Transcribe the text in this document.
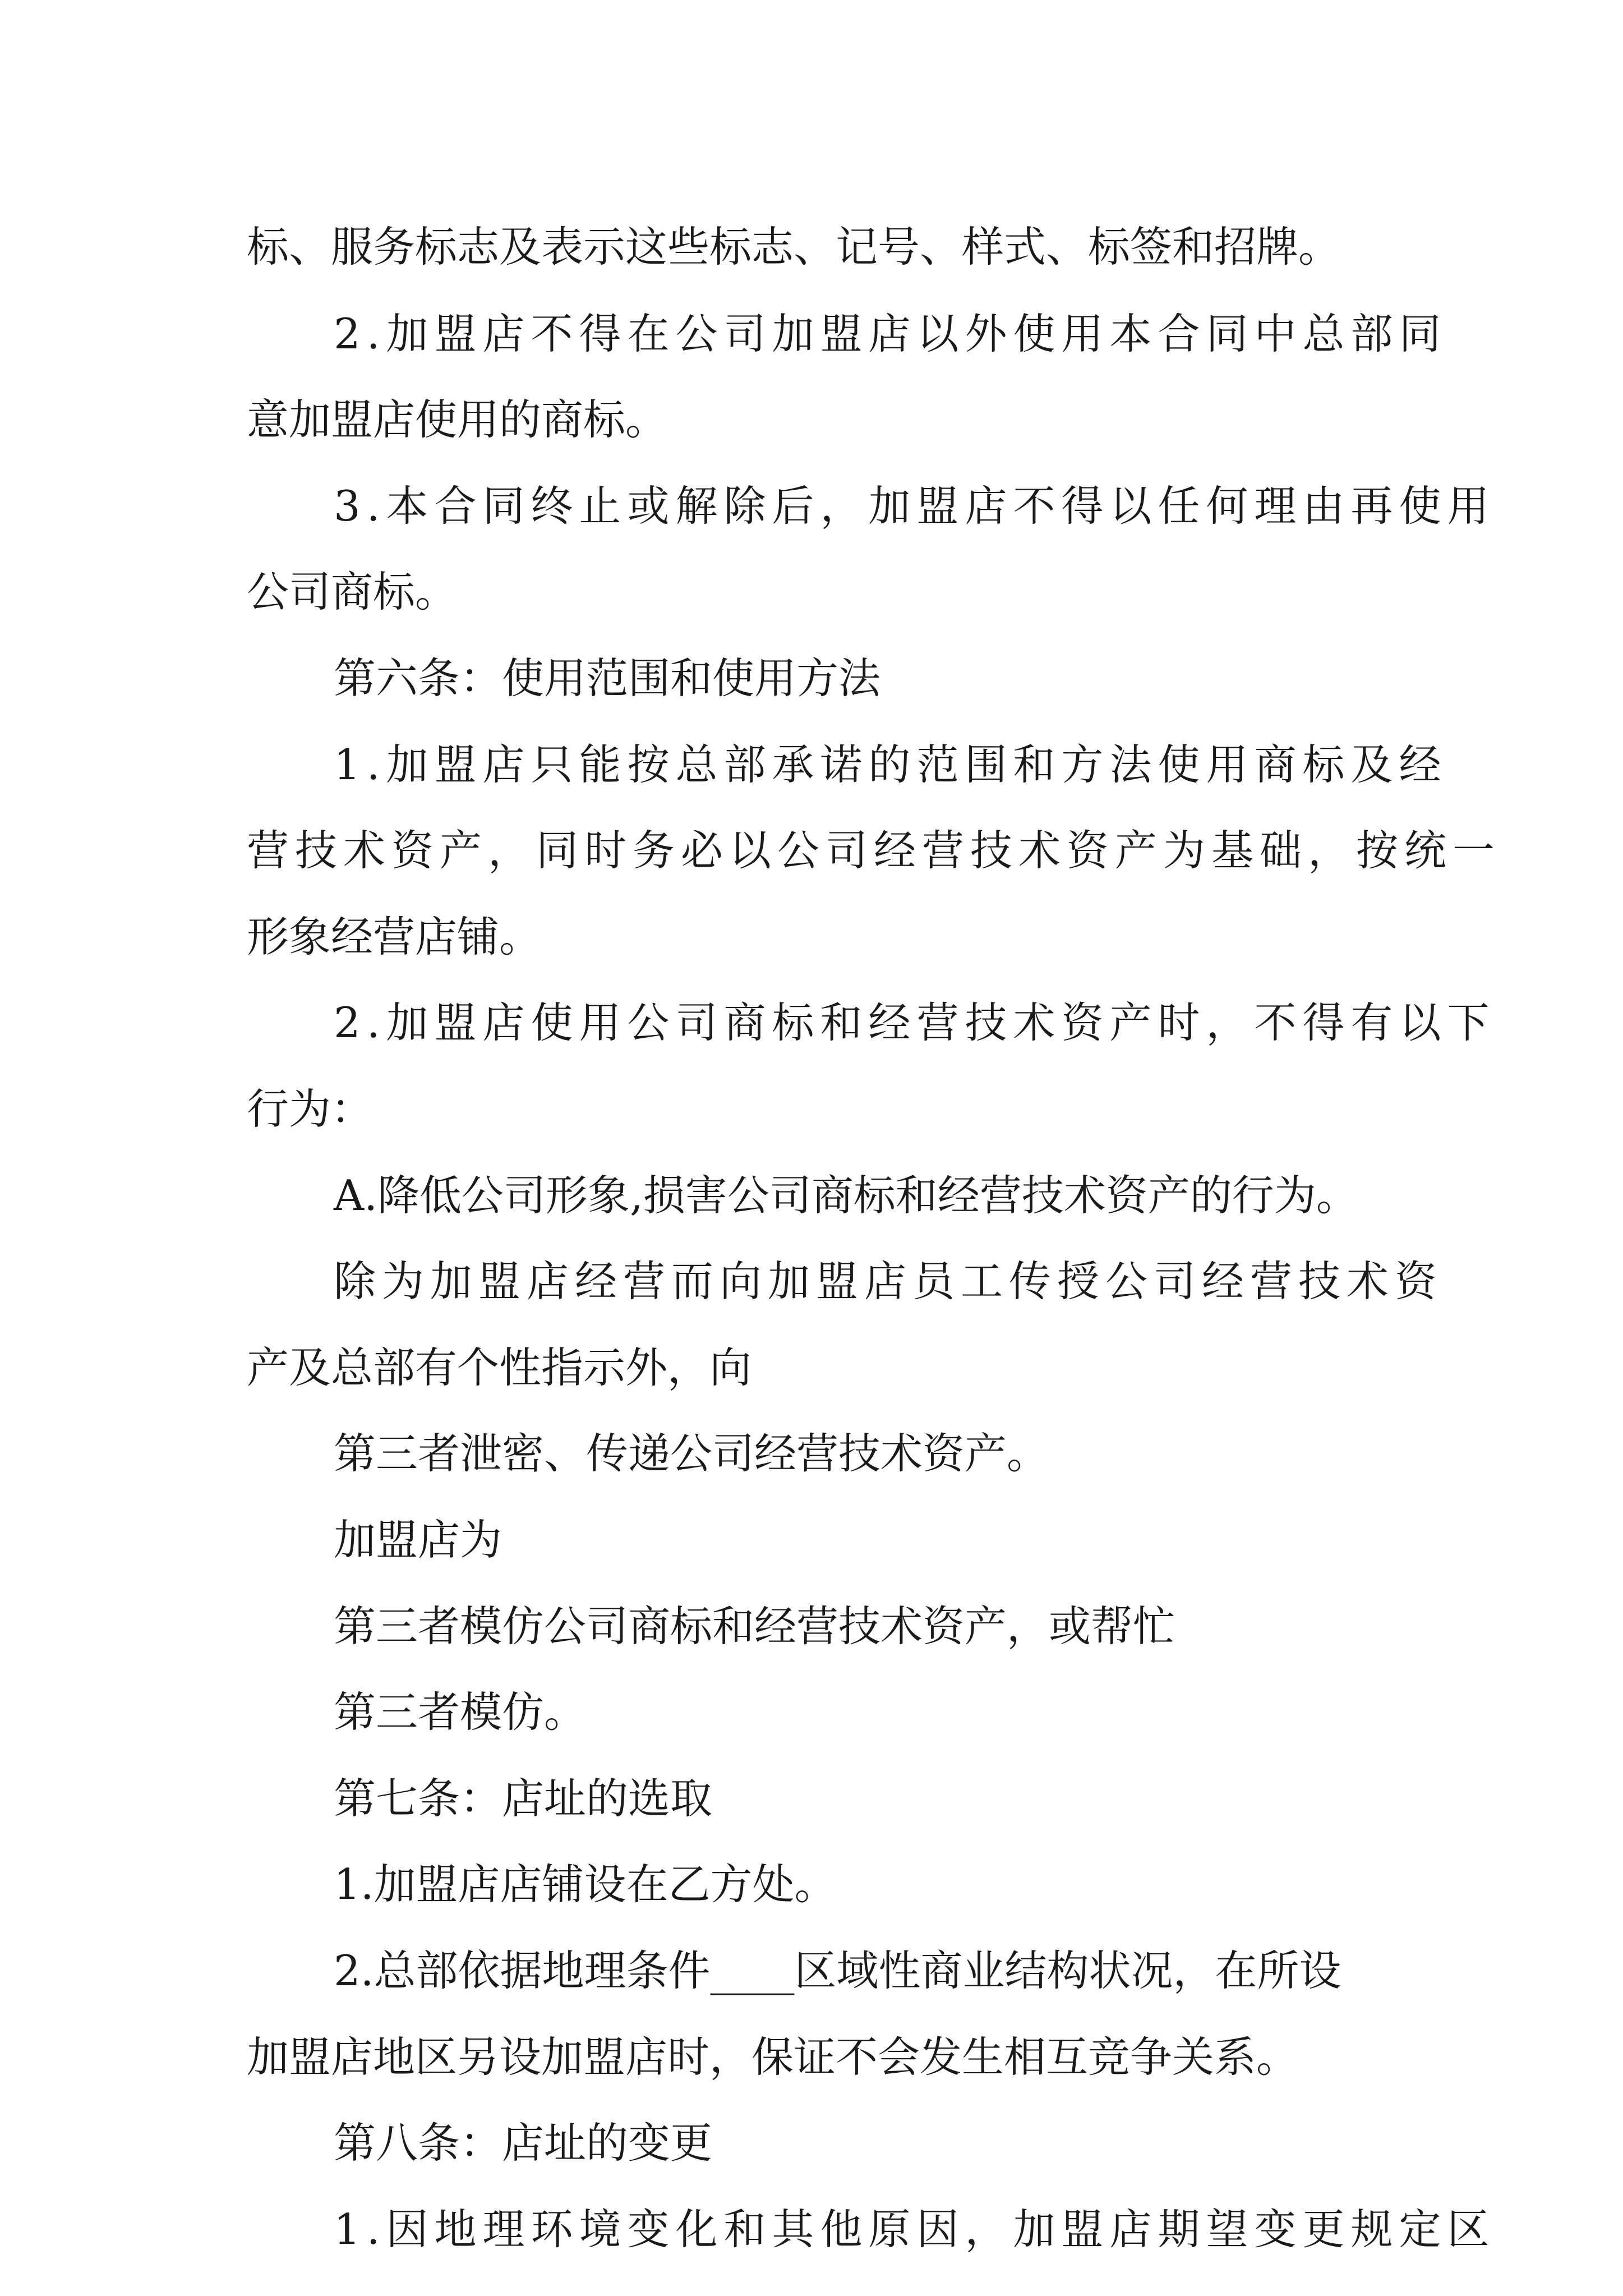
标、服务标志及表示这些标志、记号、样式、标签和招牌。
2.加盟店不得在公司加盟店以外使用本合同中总部同
意加盟店使用的商标。
3.本合同终止或解除后，加盟店不得以任何理由再使用
公司商标。
第六条：使用范围和使用方法
1.加盟店只能按总部承诺的范围和方法使用商标及经
营技术资产，同时务必以公司经营技术资产为基础，按统一
形象经营店铺。
2.加盟店使用公司商标和经营技术资产时，不得有以下
行为：
A.降低公司形象,损害公司商标和经营技术资产的行为。
除为加盟店经营而向加盟店员工传授公司经营技术资
产及总部有个性指示外，向
第三者泄密、传递公司经营技术资产。
加盟店为
第三者模仿公司商标和经营技术资产，或帮忙
第三者模仿。
第七条：店址的选取
1.加盟店店铺设在乙方处。
2.总部依据地理条件____区域性商业结构状况，在所设
加盟店地区另设加盟店时，保证不会发生相互竞争关系。
第八条：店址的变更
1.因地理环境变化和其他原因，加盟店期望变更规定区
